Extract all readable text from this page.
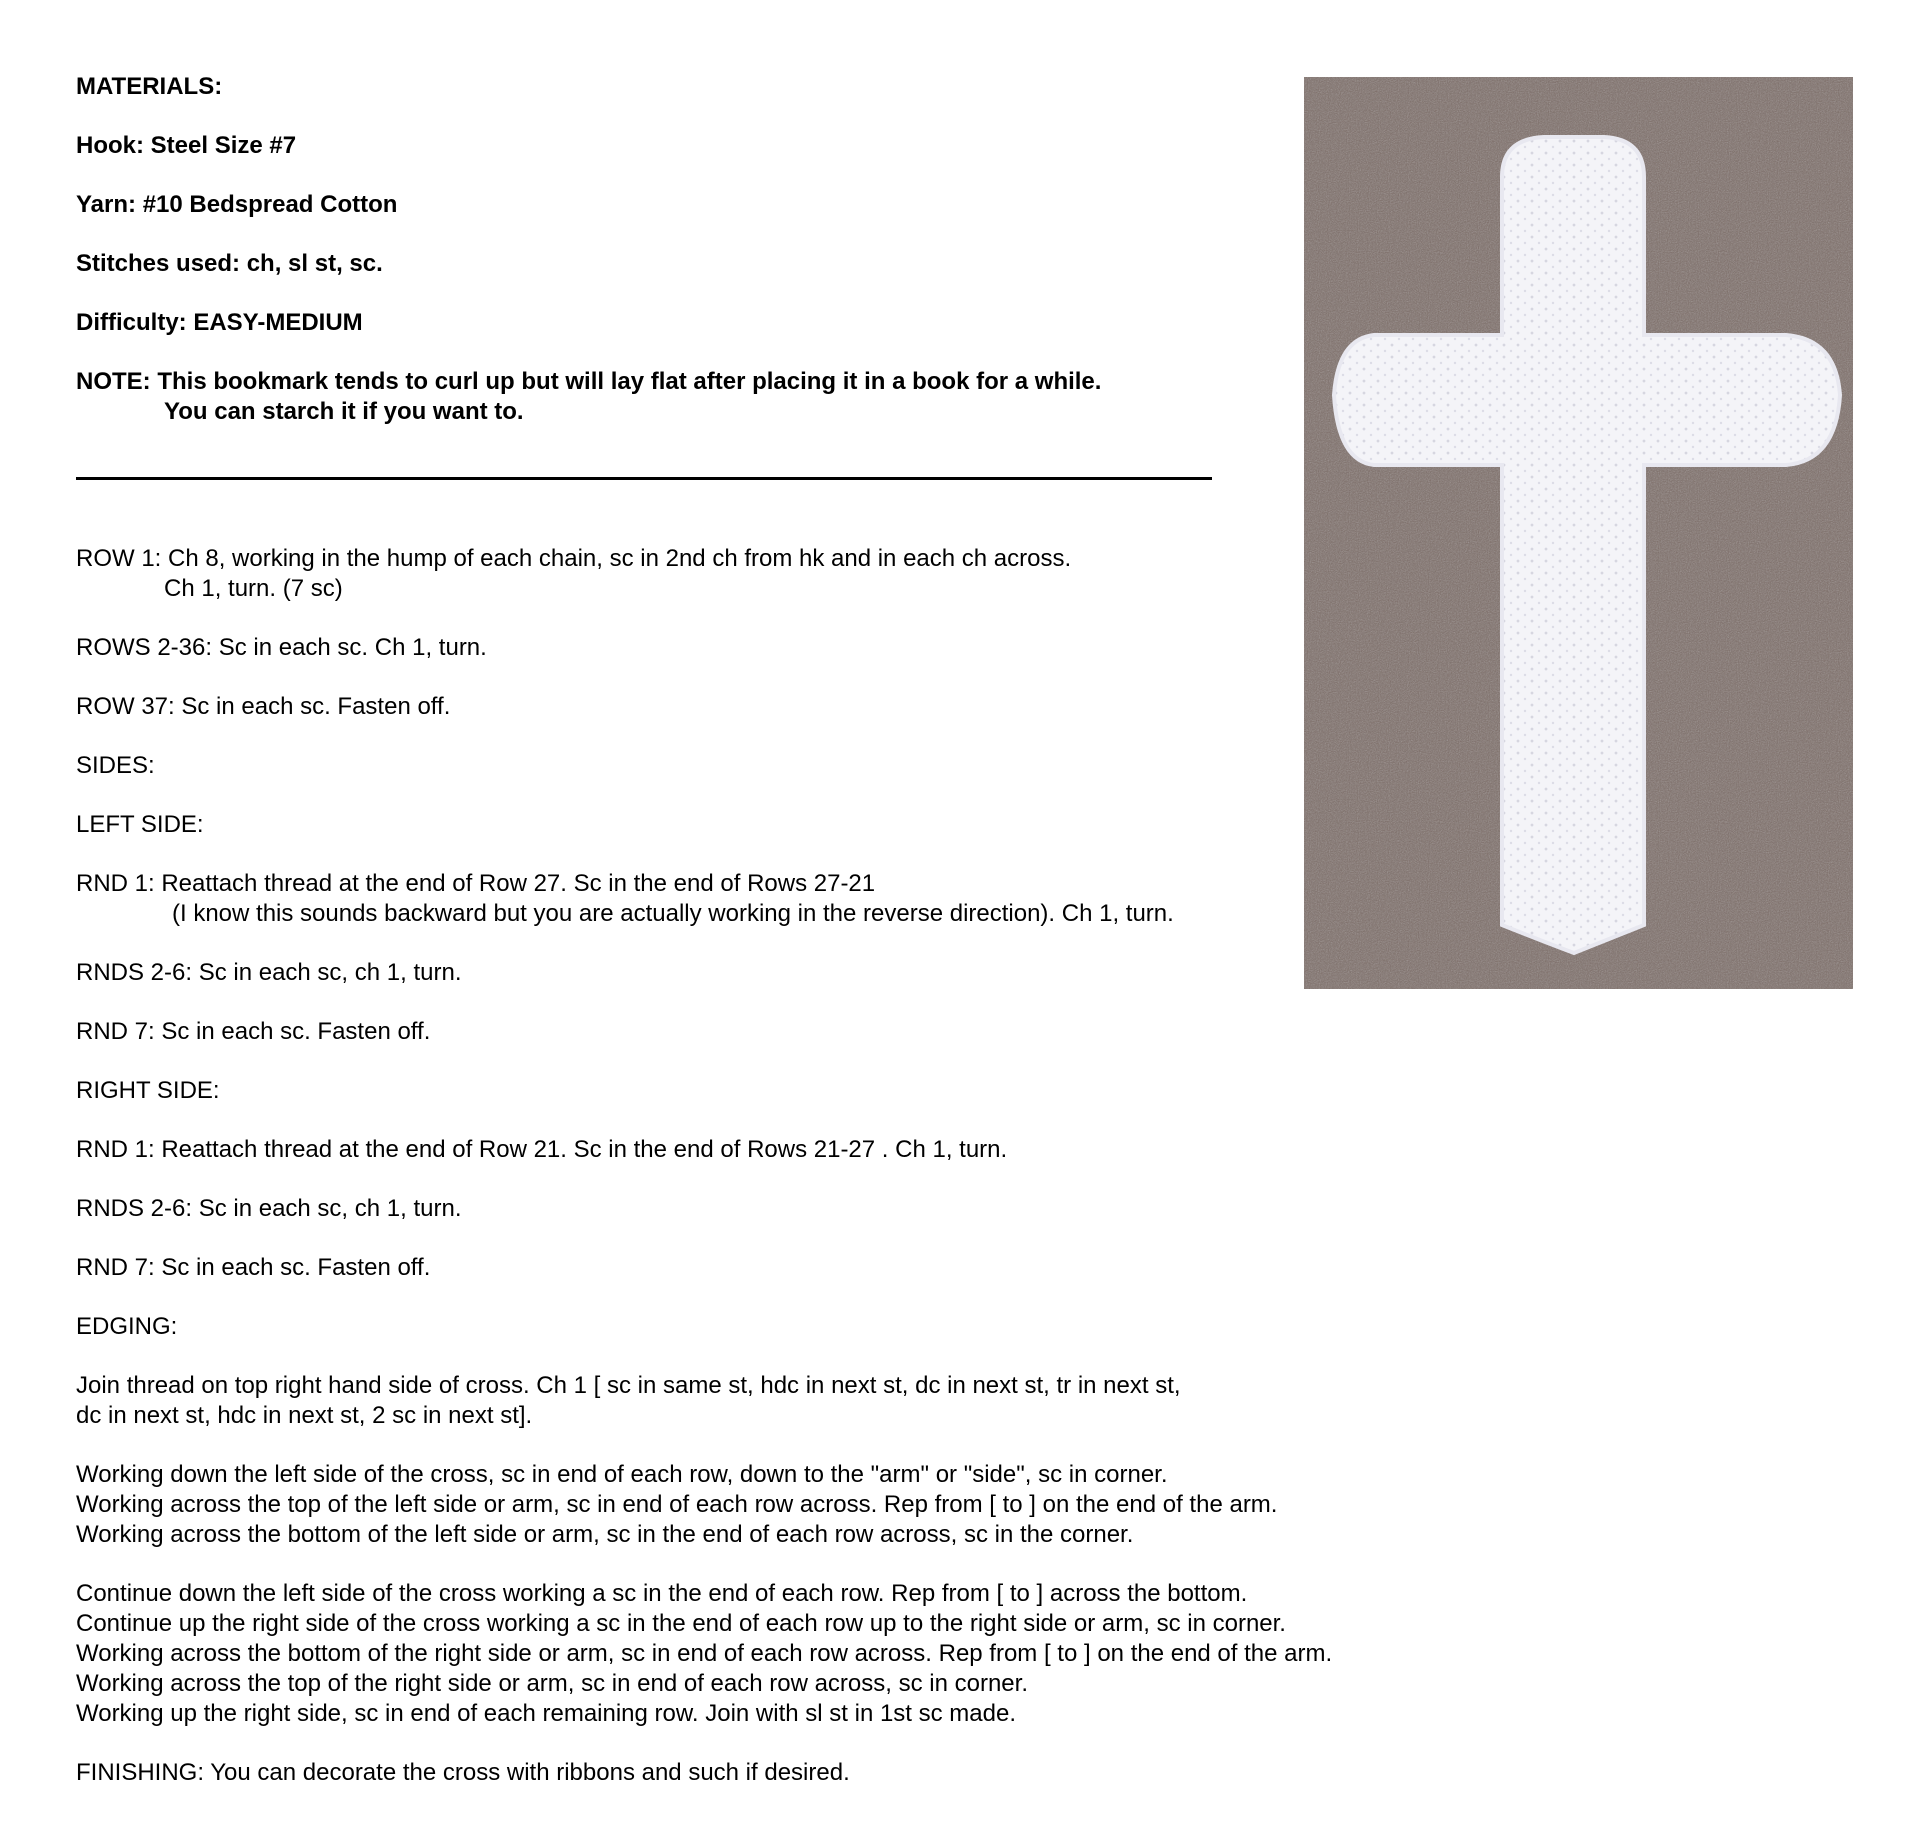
MATERIALS:
Hook: Steel Size #7
Yarn: #10 Bedspread Cotton
Stitches used: ch, sl st, sc.
Difficulty: EASY-MEDIUM
NOTE: This bookmark tends to curl up but will lay flat after placing it in a book for a while.
You can starch it if you want to.
ROW 1: Ch 8, working in the hump of each chain, sc in 2nd ch from hk and in each ch across.
Ch 1, turn. (7 sc)
ROWS 2-36: Sc in each sc. Ch 1, turn.
ROW 37: Sc in each sc. Fasten off.
SIDES:
LEFT SIDE:
RND 1: Reattach thread at the end of Row 27. Sc in the end of Rows 27-21
(I know this sounds backward but you are actually working in the reverse direction). Ch 1, turn.
RNDS 2-6: Sc in each sc, ch 1, turn.
RND 7: Sc in each sc. Fasten off.
RIGHT SIDE:
RND 1: Reattach thread at the end of Row 21. Sc in the end of Rows 21-27 . Ch 1, turn.
RNDS 2-6: Sc in each sc, ch 1, turn.
RND 7: Sc in each sc. Fasten off.
EDGING:
Join thread on top right hand side of cross. Ch 1 [ sc in same st, hdc in next st, dc in next st, tr in next st,
dc in next st, hdc in next st, 2 sc in next st].
Working down the left side of the cross, sc in end of each row, down to the "arm" or "side", sc in corner.
Working across the top of the left side or arm, sc in end of each row across. Rep from [ to ] on the end of the arm.
Working across the bottom of the left side or arm, sc in the end of each row across, sc in the corner.
Continue down the left side of the cross working a sc in the end of each row. Rep from [ to ] across the bottom.
Continue up the right side of the cross working a sc in the end of each row up to the right side or arm, sc in corner.
Working across the bottom of the right side or arm, sc in end of each row across. Rep from [ to ] on the end of the arm.
Working across the top of the right side or arm, sc in end of each row across, sc in corner.
Working up the right side, sc in end of each remaining row. Join with sl st in 1st sc made.
FINISHING: You can decorate the cross with ribbons and such if desired.
